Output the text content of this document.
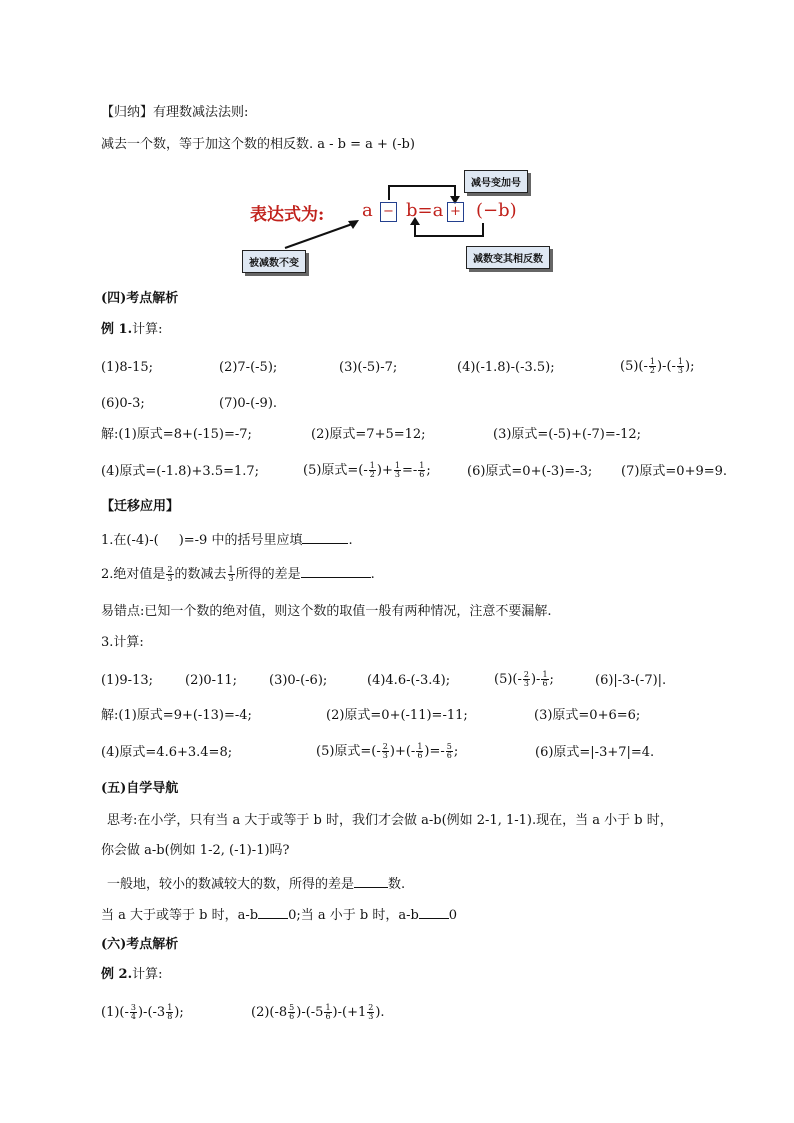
【归纳】有理数减法法则:
减去一个数，等于加这个数的相反数. a - b = a + (-b)
表达式为: a − b=a + (−b)
减号变加号
被减数不变	减数变其相反数
(四)考点解析
例 1.计算:
(1)8-15;	(2)7-(-5);	(3)(-5)-7;	(4)(-1.8)-(-3.5);	$(5)(- \frac{1}{2}$ )-(- $\frac{1}{3}$ );
(6)0-3;	(7)0-(-9).
解:(1)原式=8+(-15)=-7;	(2)原式=7+5=12;	(3)原式=(-5)+(-7)=-12;
(4)原式=(-1.8)+3.5=1.7;	(5)原式=(- $\frac{1}{2}$ )+ $\frac{1}{3} =- \frac{1}{6}$ ;	(6)原式=0+(-3)=-3; (7)原式=0+9=9.
【迁移应用】
1.在(-4)-( )=-9 中的括号里应填	.
2.绝对值是 $\frac{2}{3}$ 的数减去 $\frac{1}{3}$ 所得的差是	.
易错点:已知一个数的绝对值，则这个数的取值一般有两种情况，注意不要漏解.
3.计算:
(1)9-13; (2)0-11; (3)0-(-6);	(4)4.6-(-3.4);	$(5)(- \frac{2}{3}$ )- $\frac{1}{6}$ ;	(6)|-3-(-7)|.
解:(1)原式=9+(-13)=-4;	(2)原式=0+(-11)=-11;	(3)原式=0+6=6;
(4)原式=4.6+3.4=8;	(5)原式=(- $\frac{2}{3}$ )+(- $\frac{1}{6}$ )=- $\frac{5}{6}$ ;	(6)原式=|-3+7|=4.
(五)自学导航
思考:在小学，只有当 a 大于或等于 b 时，我们才会做 a-b(例如 2-1, 1-1).现在，当 a 小于 b 时，
你会做 a-b(例如 1-2, (-1)-1)吗?
一般地，较小的数减较大的数，所得的差是	数.
当 a 大于或等于 b 时，a-b 0;当 a 小于 b 时，a-b 0
(六)考点解析
例 2.计算:
$(1)(- \frac{3}{4} )-(-3 \frac{1}{8}$ );	$(2)(-8 \frac{5}{6} )-(-5 \frac{1}{6} )-(+1 \frac{2}{3}$ ).
